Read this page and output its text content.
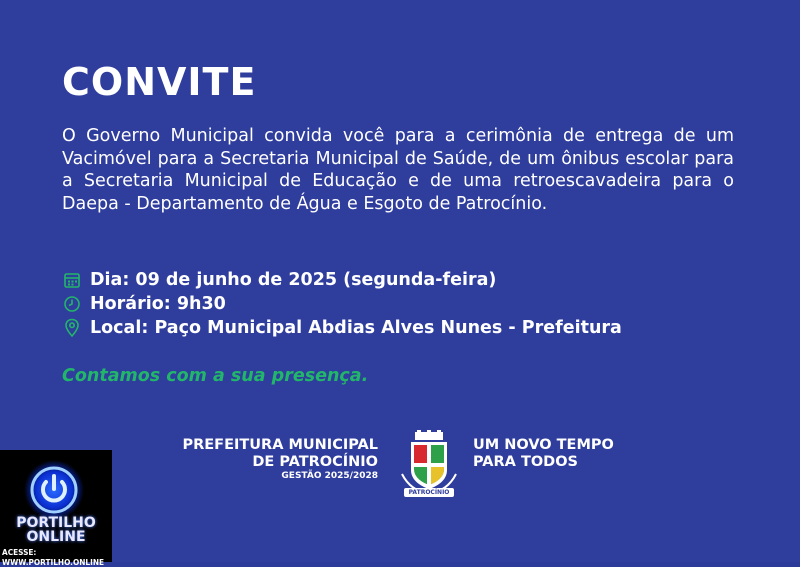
CONVITE
O Governo Municipal convida você para a cerimônia de entrega de um Vacimóvel para a Secretaria Municipal de Saúde, de um ônibus escolar para a Secretaria Municipal de Educação e de uma retroescavadeira para o Daepa - Departamento de Água e Esgoto de Patrocínio.
Dia: 09 de junho de 2025 (segunda-feira)
Horário: 9h30
Local: Paço Municipal Abdias Alves Nunes - Prefeitura
Contamos com a sua presença.
PREFEITURA MUNICIPAL
DE PATROCÍNIO
GESTÃO 2025/2028
PATROCÍNIO
UM NOVO TEMPO
PARA TODOS
PORTILHO
ONLINE
ACESSE: WWW.PORTILHO.ONLINE
